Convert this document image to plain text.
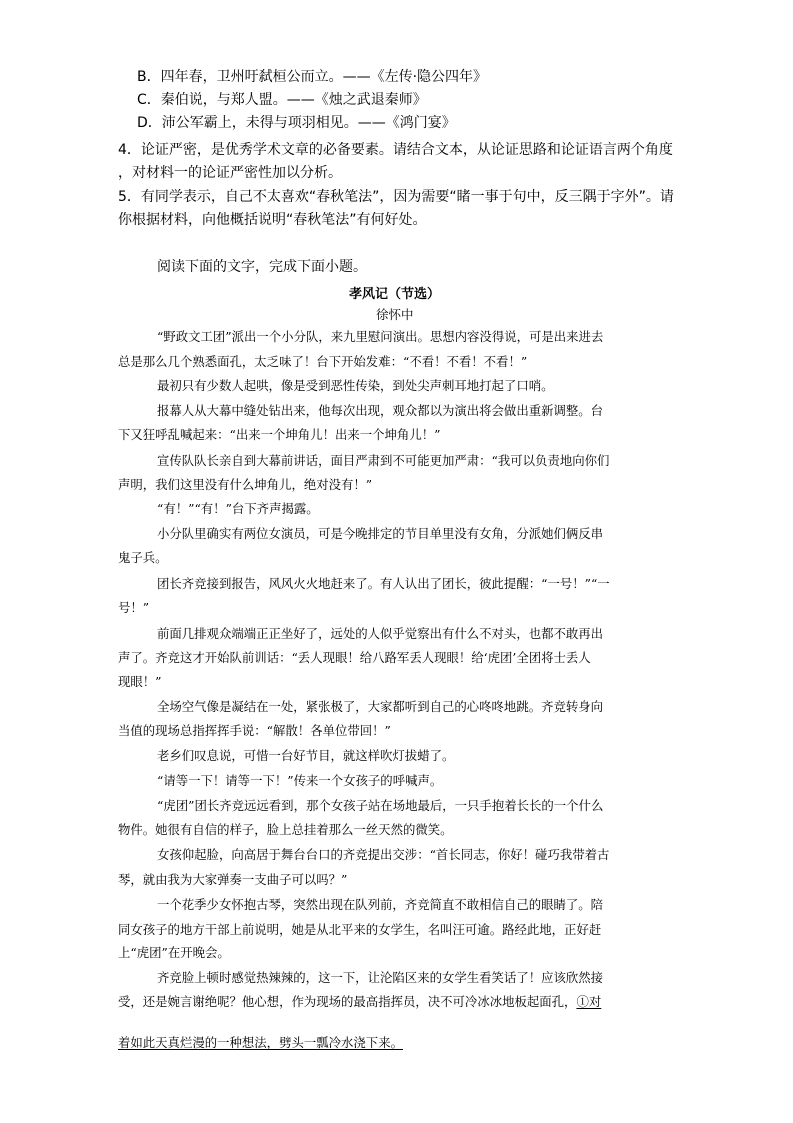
B．四年春，卫州吁弑桓公而立。——《左传·隐公四年》
C．秦伯说，与郑人盟。——《烛之武退秦师》
D．沛公军霸上，未得与项羽相见。——《鸿门宴》
4．论证严密，是优秀学术文章的必备要素。请结合文本，从论证思路和论证语言两个角度
，对材料一的论证严密性加以分析。
5．有同学表示，自己不太喜欢“春秋笔法”，因为需要“睹一事于句中，反三隅于字外”。请
你根据材料，向他概括说明“春秋笔法”有何好处。
阅读下面的文字，完成下面小题。
孝风记（节选）
徐怀中
“野政文工团”派出一个小分队，来九里慰问演出。思想内容没得说，可是出来进去
总是那么几个熟悉面孔，太乏味了！台下开始发难：“不看！不看！不看！”
最初只有少数人起哄，像是受到恶性传染，到处尖声刺耳地打起了口哨。
报幕人从大幕中缝处钻出来，他每次出现，观众都以为演出将会做出重新调整。台
下又狂呼乱喊起来：“出来一个坤角儿！出来一个坤角儿！”
宣传队队长亲自到大幕前讲话，面目严肃到不可能更加严肃：“我可以负责地向你们
声明，我们这里没有什么坤角儿，绝对没有！”
“有！”“有！”台下齐声揭露。
小分队里确实有两位女演员，可是今晚排定的节目单里没有女角，分派她们俩反串
鬼子兵。
团长齐竞接到报告，风风火火地赶来了。有人认出了团长，彼此提醒：“一号！”“一
号！”
前面几排观众端端正正坐好了，远处的人似乎觉察出有什么不对头，也都不敢再出
声了。齐竞这才开始队前训话：“丢人现眼！给八路军丢人现眼！给‘虎团’全团将士丢人
现眼！”
全场空气像是凝结在一处，紧张极了，大家都听到自己的心咚咚地跳。齐竞转身向
当值的现场总指挥挥手说：“解散！各单位带回！”
老乡们叹息说，可惜一台好节目，就这样吹灯拔蜡了。
“请等一下！请等一下！”传来一个女孩子的呼喊声。
“虎团”团长齐竞远远看到，那个女孩子站在场地最后，一只手抱着长长的一个什么
物件。她很有自信的样子，脸上总挂着那么一丝天然的微笑。
女孩仰起脸，向高居于舞台台口的齐竞提出交涉：“首长同志，你好！碰巧我带着古
琴，就由我为大家弹奏一支曲子可以吗？”
一个花季少女怀抱古琴，突然出现在队列前，齐竞简直不敢相信自己的眼睛了。陪
同女孩子的地方干部上前说明，她是从北平来的女学生，名叫汪可逾。路经此地，正好赶
上“虎团”在开晚会。
齐竞脸上顿时感觉热辣辣的，这一下，让沦陷区来的女学生看笑话了！应该欣然接
受，还是婉言谢绝呢？他心想，作为现场的最高指挥员，决不可冷冰冰地板起面孔，①对
着如此天真烂漫的一种想法，劈头一瓢冷水浇下来。
